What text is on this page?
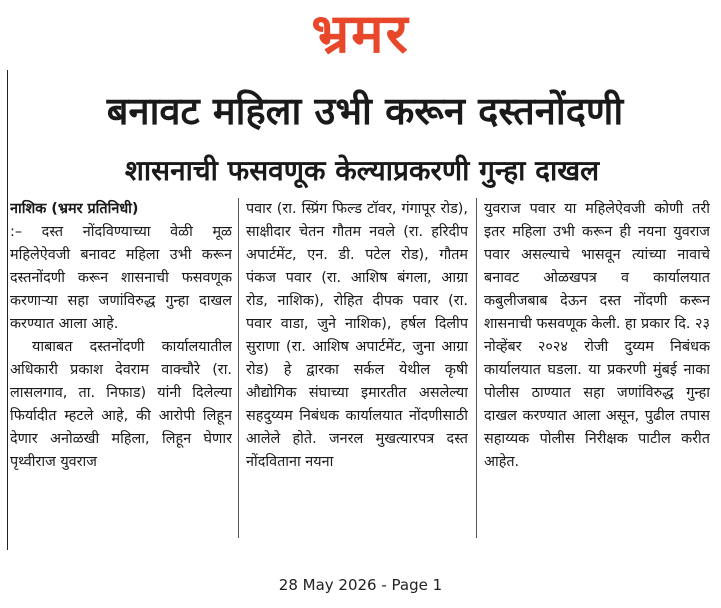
भ्रमर
बनावट महिला उभी करून दस्तनोंदणी
शासनाची फसवणूक केल्याप्रकरणी गुन्हा दाखल

नाशिक (भ्रमर प्रतिनिधी)

:– दस्त नोंदविण्याच्या वेळी मूळ महिलेऐवजी बनावट महिला उभी करून दस्तनोंदणी करून शासनाची फसवणूक करणाऱ्या सहा जणांविरुद्ध गुन्हा दाखल करण्यात आला आहे.

याबाबत दस्तनोंदणी कार्यालयातील अधिकारी प्रकाश देवराम वाक्चौरे (रा. लासलगाव, ता. निफाड) यांनी दिलेल्या फिर्यादीत म्हटले आहे, की आरोपी लिहून देणार अनोळखी महिला, लिहून घेणार पृथ्वीराज युवराज

पवार (रा. स्प्रिंग फिल्ड टॉवर, गंगापूर रोड), साक्षीदार चेतन गौतम नवले (रा. हरिदीप अपार्टमेंट, एन. डी. पटेल रोड), गौतम पंकज पवार (रा. आशिष बंगला, आग्रा रोड, नाशिक), रोहित दीपक पवार (रा. पवार वाडा, जुने नाशिक), हर्षल दिलीप सुराणा (रा. आशिष अपार्टमेंट, जुना आग्रा रोड) हे द्वारका सर्कल येथील कृषी औद्योगिक संघाच्या इमारतीत असलेल्या सहदुय्यम निबंधक कार्यालयात नोंदणीसाठी आलेले होते. जनरल मुखत्यारपत्र दस्त नोंदविताना नयना

युवराज पवार या महिलेऐवजी कोणी तरी इतर महिला उभी करून ही नयना युवराज पवार असल्याचे भासवून त्यांच्या नावाचे बनावट ओळखपत्र व कार्यालयात कबुलीजबाब देऊन दस्त नोंदणी करून शासनाची फसवणूक केली. हा प्रकार दि. २३ नोव्हेंबर २०२४ रोजी दुय्यम निबंधक कार्यालयात घडला. या प्रकरणी मुंबई नाका पोलीस ठाण्यात सहा जणांविरुद्ध गुन्हा दाखल करण्यात आला असून, पुढील तपास सहाय्यक पोलीस निरीक्षक पाटील करीत आहेत.

28 May 2026 - Page 1
